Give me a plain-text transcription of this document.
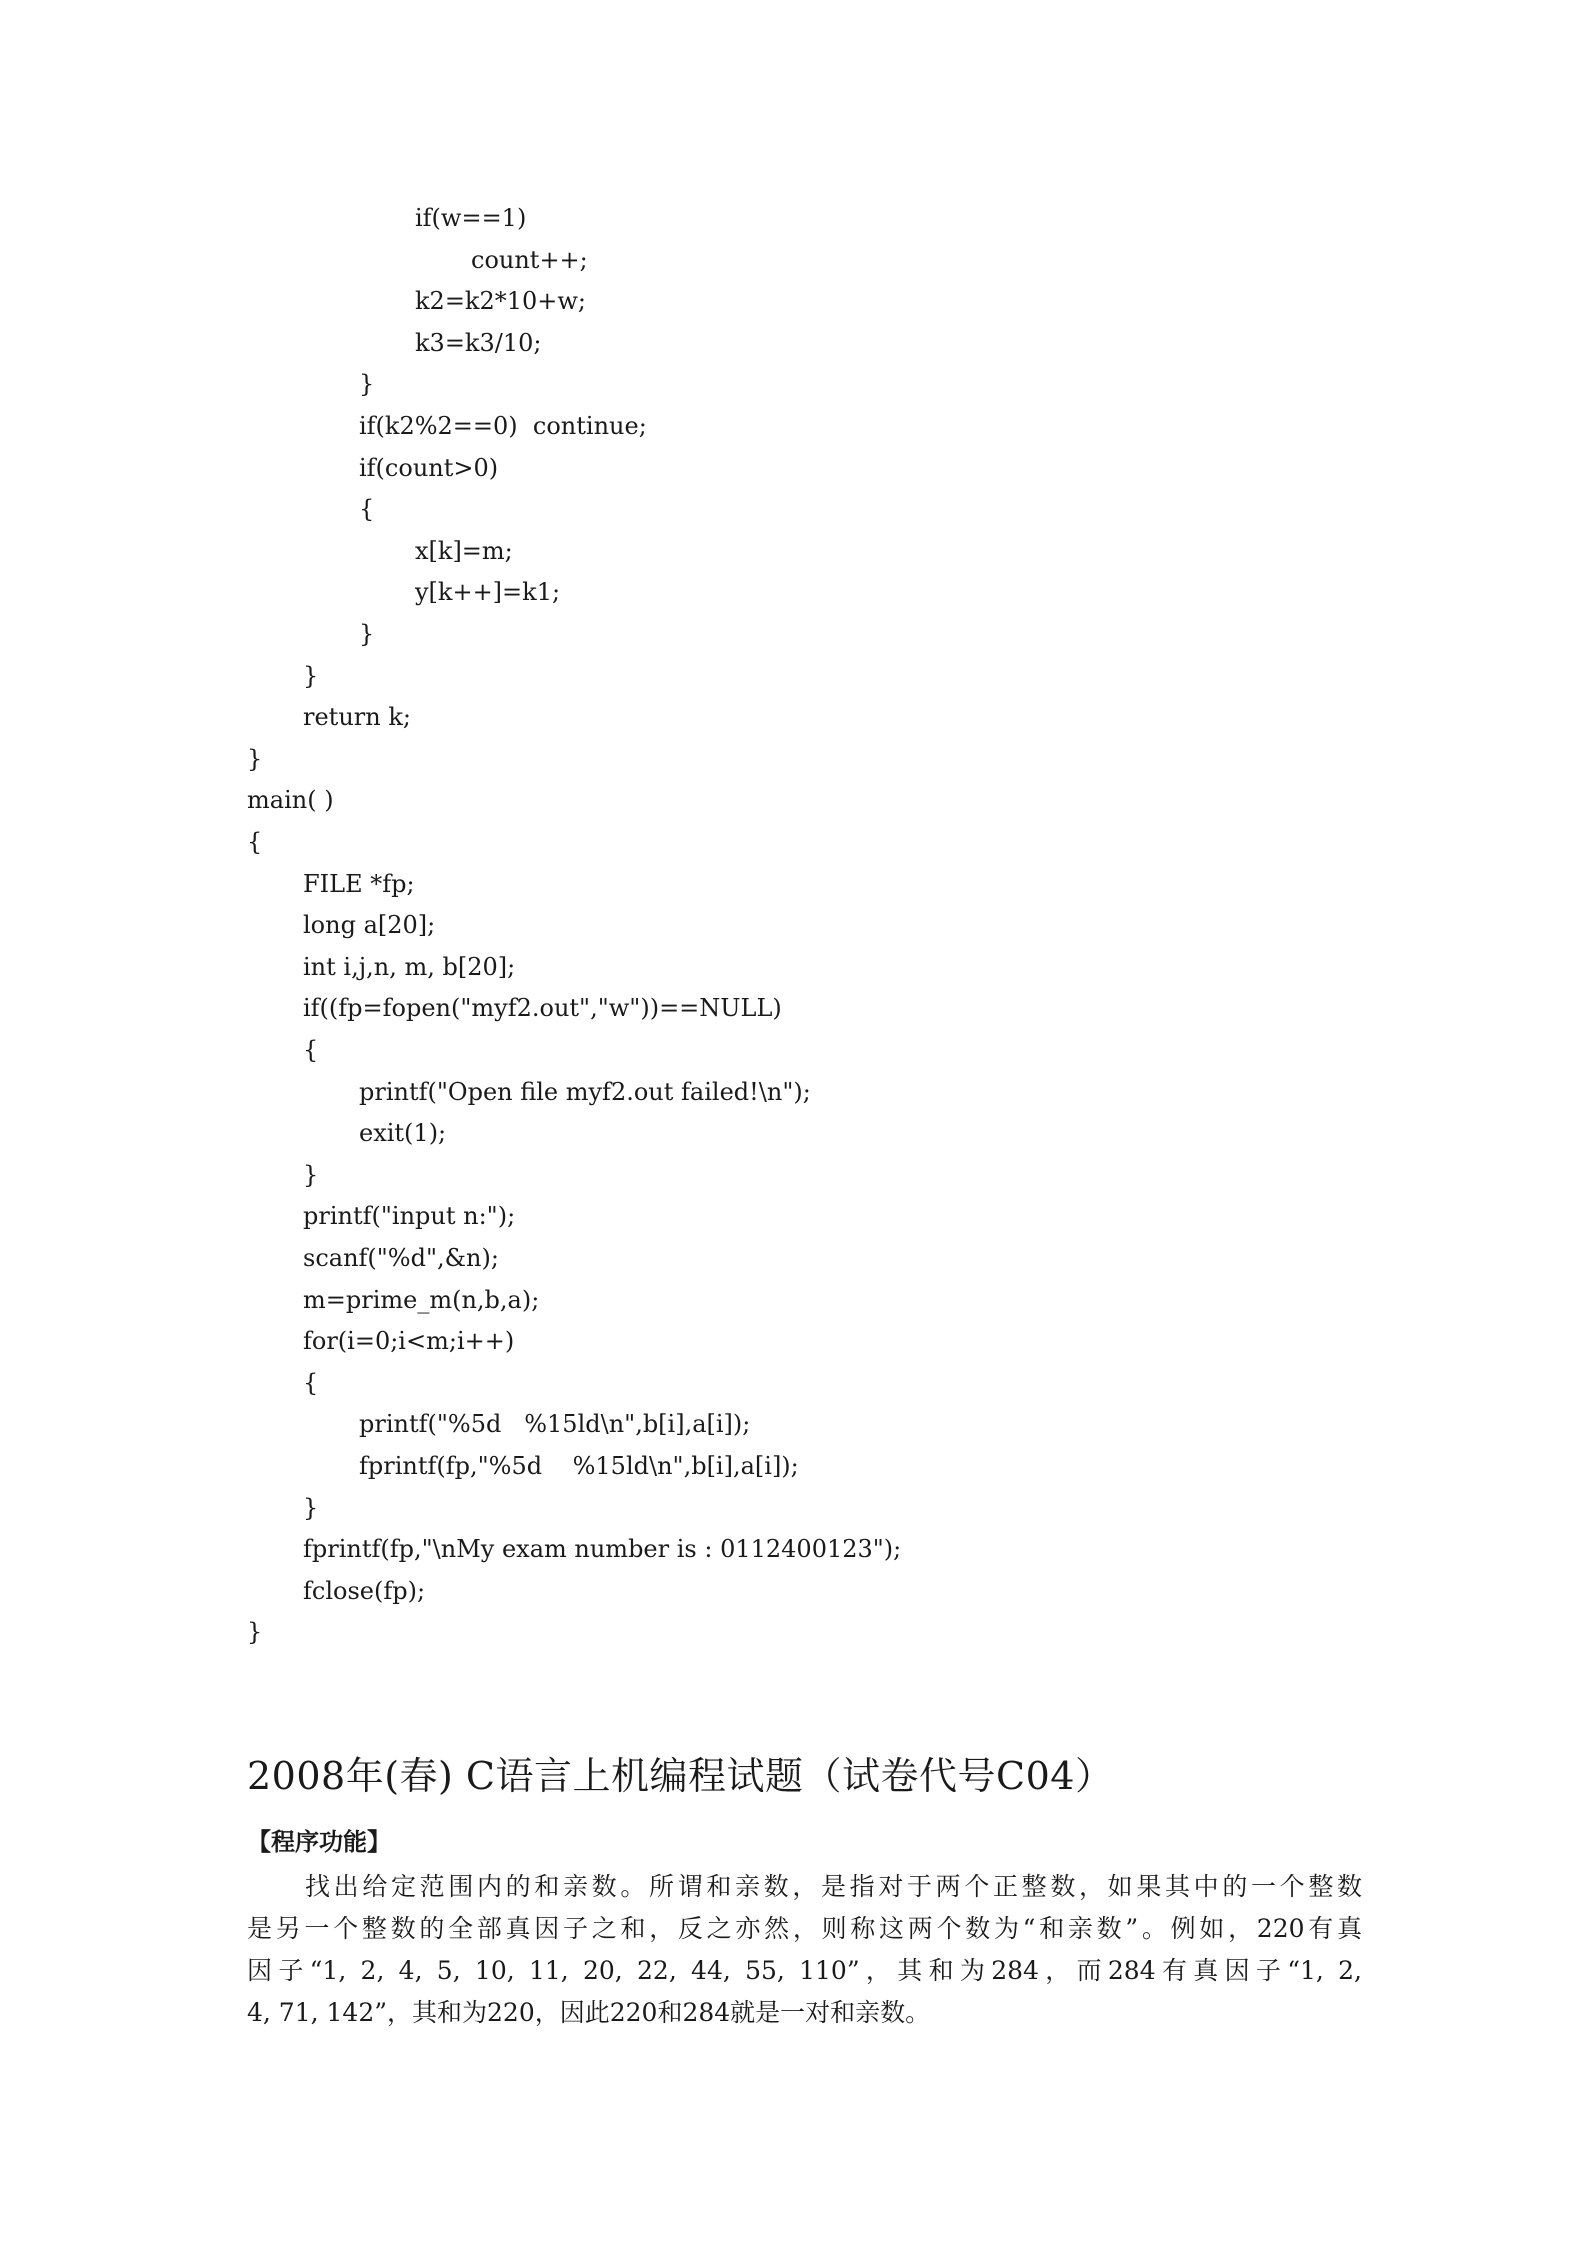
if(w==1)
count++;
k2=k2*10+w;
k3=k3/10;
}
if(k2%2==0)  continue;
if(count>0)
{
x[k]=m;
y[k++]=k1;
}
}
return k;
}
main( )
{
FILE *fp;
long a[20];
int i,j,n, m, b[20];
if((fp=fopen("myf2.out","w"))==NULL)
{
printf("Open file myf2.out failed!\n");
exit(1);
}
printf("input n:");
scanf("%d",&n);
m=prime_m(n,b,a);
for(i=0;i<m;i++)
{
printf("%5d   %15ld\n",b[i],a[i]);
fprintf(fp,"%5d    %15ld\n",b[i],a[i]);
}
fprintf(fp,"\nMy exam number is : 0112400123");
fclose(fp);
}
2008年(春) C语言上机编程试题（试卷代号C04）
【程序功能】
找出给定范围内的和亲数。所谓和亲数，是指对于两个正整数，如果其中的一个整数
是另一个整数的全部真因子之和，反之亦然，则称这两个数为“和亲数”。例如，220有真
因子“1, 2, 4, 5, 10, 11, 20, 22, 44, 55, 110”，其和为284，而284有真因子“1, 2,
4, 71, 142”，其和为220，因此220和284就是一对和亲数。
